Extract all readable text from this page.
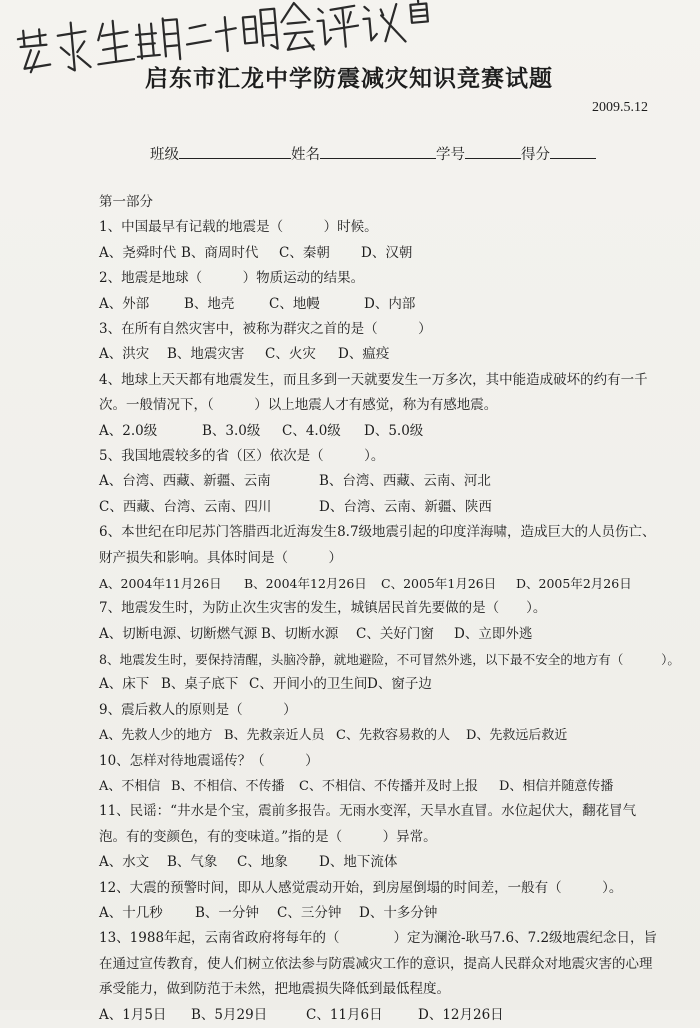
启东市汇龙中学防震减灾知识竞赛试题
2009.5.12
班级	姓名	学号	得分
第一部分
1、中国最早有记载的地震是（　　　）时候。
A、尧舜时代 B、商周时代 C、秦朝 D、汉朝
2、地震是地球（　　　）物质运动的结果。
A、外部	B、地壳	C、地幔	D、内部
3、在所有自然灾害中，被称为群灾之首的是（　　　）
A、洪灾 B、地震灾害 C、火灾 D、瘟疫
4、地球上天天都有地震发生，而且多到一天就要发生一万多次，其中能造成破坏的约有一千次。一般情况下，（　　　）以上地震人才有感觉，称为有感地震。
A、2.0级	B、3.0级 C、4.0级 D、5.0级
5、我国地震较多的省（区）依次是（　　　）。
A、台湾、西藏、新疆、云南	B、台湾、西藏、云南、河北
C、西藏、台湾、云南、四川	D、台湾、云南、新疆、陕西
6、本世纪在印尼苏门答腊西北近海发生8.7级地震引起的印度洋海啸，造成巨大的人员伤亡、财产损失和影响。具体时间是（　　　）
A、2004年11月26日 B、2004年12月26日 C、2005年1月26日 D、2005年2月26日
7、地震发生时，为防止次生灾害的发生，城镇居民首先要做的是（　　）。
A、切断电源、切断燃气源 B、切断水源 C、关好门窗 D、立即外逃
8、地震发生时，要保持清醒，头脑冷静，就地避险，不可冒然外逃，以下最不安全的地方有（　　　）。
A、床下 B、桌子底下 C、开间小的卫生间D、窗子边
9、震后救人的原则是（　　　）
A、先救人少的地方 B、先救亲近人员 C、先救容易救的人 D、先救远后救近
10、怎样对待地震谣传？（　　　）
A、不相信 B、不相信、不传播 C、不相信、不传播并及时上报 D、相信并随意传播
11、民谣：“井水是个宝，震前多报告。无雨水变浑，天旱水直冒。水位起伏大，翻花冒气泡。有的变颜色，有的变味道。”指的是（　　　）异常。
A、水文 B、气象 C、地象 D、地下流体
12、大震的预警时间，即从人感觉震动开始，到房屋倒塌的时间差，一般有（　　　）。
A、十几秒 B、一分钟 C、三分钟 D、十多分钟
13、1988年起，云南省政府将每年的（　　　　）定为澜沧-耿马7.6、7.2级地震纪念日，旨在通过宣传教育，使人们树立依法参与防震减灾工作的意识，提高人民群众对地震灾害的心理承受能力，做到防范于未然，把地震损失降低到最低程度。
A、1月5日 B、5月29日	C、11月6日	D、12月26日
